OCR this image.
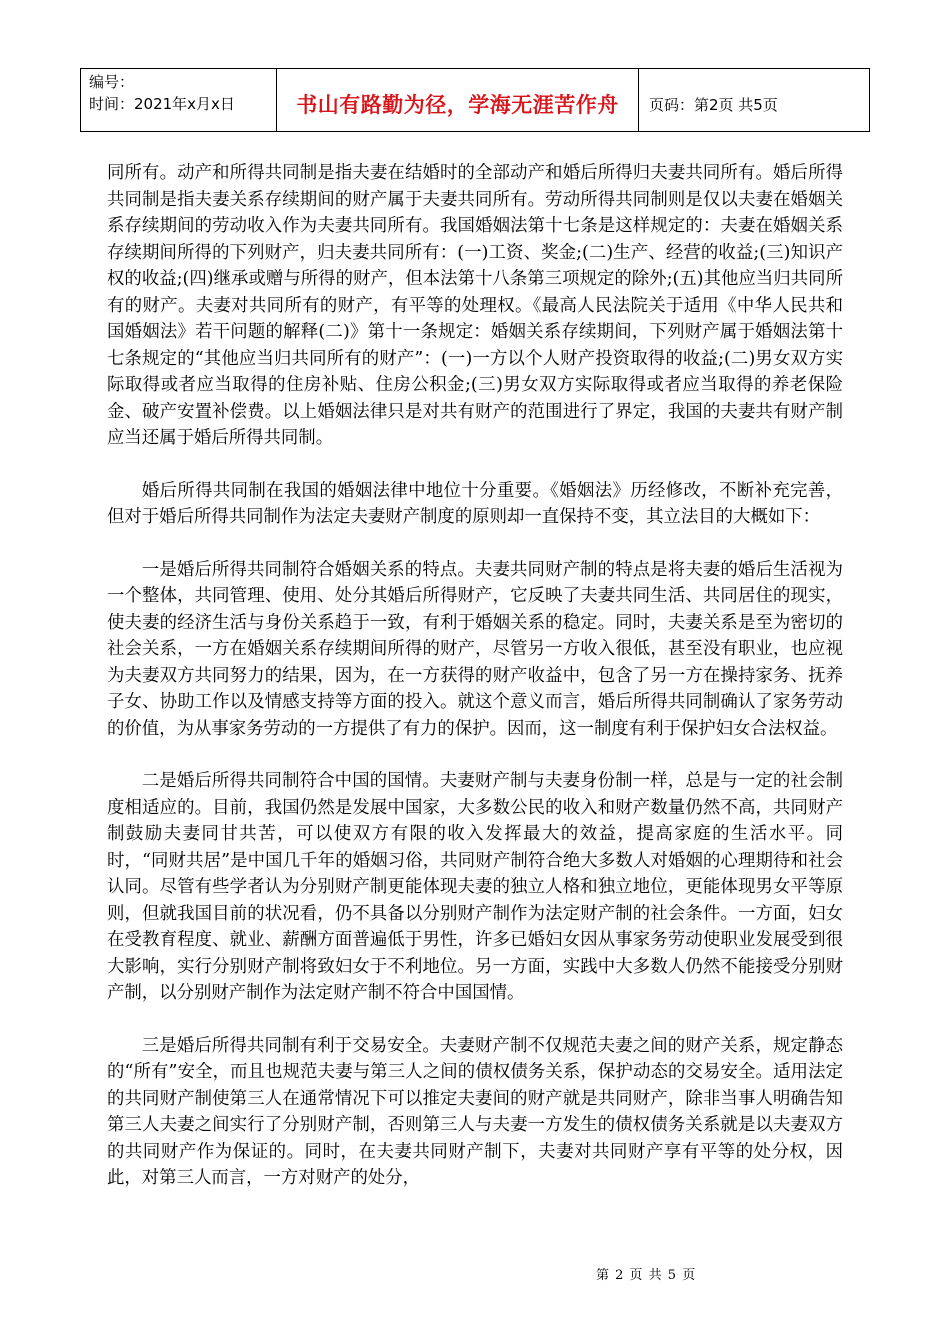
编号：
时间：2021年x月x日	书山有路勤为径，学海无涯苦作舟	页码：第2页 共5页

同所有。动产和所得共同制是指夫妻在结婚时的全部动产和婚后所得归夫妻共同所有。婚后所得共同制是指夫妻关系存续期间的财产属于夫妻共同所有。劳动所得共同制则是仅以夫妻在婚姻关系存续期间的劳动收入作为夫妻共同所有。我国婚姻法第十七条是这样规定的：夫妻在婚姻关系存续期间所得的下列财产，归夫妻共同所有：(一)工资、奖金;(二)生产、经营的收益;(三)知识产权的收益;(四)继承或赠与所得的财产，但本法第十八条第三项规定的除外;(五)其他应当归共同所有的财产。夫妻对共同所有的财产，有平等的处理权。《最高人民法院关于适用《中华人民共和国婚姻法》若干问题的解释(二)》第十一条规定：婚姻关系存续期间，下列财产属于婚姻法第十七条规定的“其他应当归共同所有的财产”：(一)一方以个人财产投资取得的收益;(二)男女双方实际取得或者应当取得的住房补贴、住房公积金;(三)男女双方实际取得或者应当取得的养老保险金、破产安置补偿费。以上婚姻法律只是对共有财产的范围进行了界定，我国的夫妻共有财产制应当还属于婚后所得共同制。

婚后所得共同制在我国的婚姻法律中地位十分重要。《婚姻法》历经修改，不断补充完善，但对于婚后所得共同制作为法定夫妻财产制度的原则却一直保持不变，其立法目的大概如下：

一是婚后所得共同制符合婚姻关系的特点。夫妻共同财产制的特点是将夫妻的婚后生活视为一个整体，共同管理、使用、处分其婚后所得财产，它反映了夫妻共同生活、共同居住的现实，使夫妻的经济生活与身份关系趋于一致，有利于婚姻关系的稳定。同时，夫妻关系是至为密切的社会关系，一方在婚姻关系存续期间所得的财产，尽管另一方收入很低，甚至没有职业，也应视为夫妻双方共同努力的结果，因为，在一方获得的财产收益中，包含了另一方在操持家务、抚养子女、协助工作以及情感支持等方面的投入。就这个意义而言，婚后所得共同制确认了家务劳动的价值，为从事家务劳动的一方提供了有力的保护。因而，这一制度有利于保护妇女合法权益。

二是婚后所得共同制符合中国的国情。夫妻财产制与夫妻身份制一样，总是与一定的社会制度相适应的。目前，我国仍然是发展中国家，大多数公民的收入和财产数量仍然不高，共同财产制鼓励夫妻同甘共苦，可以使双方有限的收入发挥最大的效益，提高家庭的生活水平。同时，“同财共居”是中国几千年的婚姻习俗，共同财产制符合绝大多数人对婚姻的心理期待和社会认同。尽管有些学者认为分别财产制更能体现夫妻的独立人格和独立地位，更能体现男女平等原则，但就我国目前的状况看，仍不具备以分别财产制作为法定财产制的社会条件。一方面，妇女在受教育程度、就业、薪酬方面普遍低于男性，许多已婚妇女因从事家务劳动使职业发展受到很大影响，实行分别财产制将致妇女于不利地位。另一方面，实践中大多数人仍然不能接受分别财产制，以分别财产制作为法定财产制不符合中国国情。

三是婚后所得共同制有利于交易安全。夫妻财产制不仅规范夫妻之间的财产关系，规定静态的“所有”安全，而且也规范夫妻与第三人之间的债权债务关系，保护动态的交易安全。适用法定的共同财产制使第三人在通常情况下可以推定夫妻间的财产就是共同财产，除非当事人明确告知第三人夫妻之间实行了分别财产制，否则第三人与夫妻一方发生的债权债务关系就是以夫妻双方的共同财产作为保证的。同时，在夫妻共同财产制下，夫妻对共同财产享有平等的处分权，因此，对第三人而言，一方对财产的处分，

第 2 页 共 5 页
